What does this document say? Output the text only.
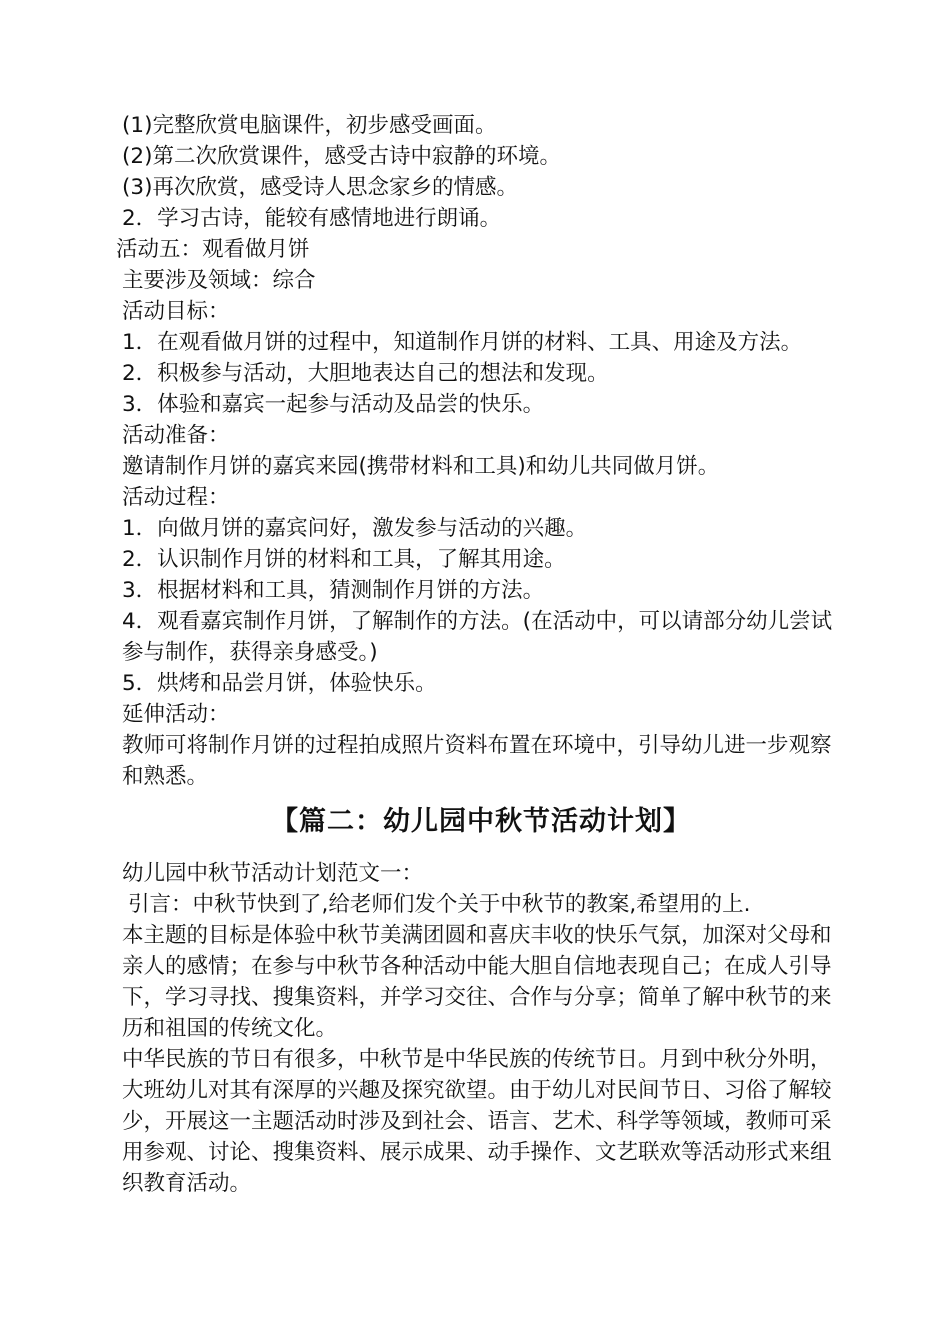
(1)完整欣赏电脑课件，初步感受画面。

(2)第二次欣赏课件，感受古诗中寂静的环境。

(3)再次欣赏，感受诗人思念家乡的情感。

2．学习古诗，能较有感情地进行朗诵。

活动五：观看做月饼

主要涉及领域：综合

活动目标：

1．在观看做月饼的过程中，知道制作月饼的材料、工具、用途及方法。

2．积极参与活动，大胆地表达自己的想法和发现。

3．体验和嘉宾一起参与活动及品尝的快乐。

活动准备：

邀请制作月饼的嘉宾来园(携带材料和工具)和幼儿共同做月饼。

活动过程：

1．向做月饼的嘉宾问好，激发参与活动的兴趣。

2．认识制作月饼的材料和工具，了解其用途。

3．根据材料和工具，猜测制作月饼的方法。

4．观看嘉宾制作月饼，了解制作的方法。(在活动中，可以请部分幼儿尝试参与制作，获得亲身感受。)

5．烘烤和品尝月饼，体验快乐。

延伸活动：

教师可将制作月饼的过程拍成照片资料布置在环境中，引导幼儿进一步观察和熟悉。

【篇二：幼儿园中秋节活动计划】

幼儿园中秋节活动计划范文一：

引言：中秋节快到了,给老师们发个关于中秋节的教案,希望用的上.

本主题的目标是体验中秋节美满团圆和喜庆丰收的快乐气氛，加深对父母和亲人的感情；在参与中秋节各种活动中能大胆自信地表现自己；在成人引导下，学习寻找、搜集资料，并学习交往、合作与分享；简单了解中秋节的来历和祖国的传统文化。

中华民族的节日有很多，中秋节是中华民族的传统节日。月到中秋分外明，大班幼儿对其有深厚的兴趣及探究欲望。由于幼儿对民间节日、习俗了解较少，开展这一主题活动时涉及到社会、语言、艺术、科学等领域，教师可采用参观、讨论、搜集资料、展示成果、动手操作、文艺联欢等活动形式来组织教育活动。
